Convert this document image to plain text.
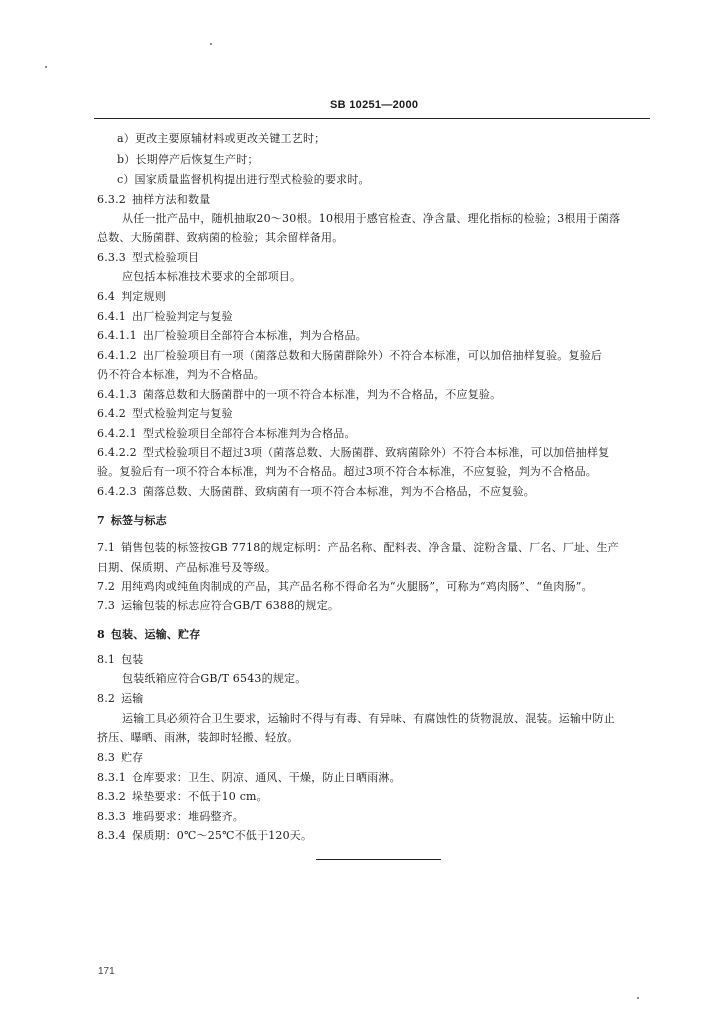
SB 10251—2000
a）更改主要原辅材料或更改关键工艺时；
b）长期停产后恢复生产时；
c）国家质量监督机构提出进行型式检验的要求时。
6.3.2 抽样方法和数量
从任一批产品中，随机抽取20～30根。10根用于感官检查、净含量、理化指标的检验；3根用于菌落
总数、大肠菌群、致病菌的检验；其余留样备用。
6.3.3 型式检验项目
应包括本标准技术要求的全部项目。
6.4 判定规则
6.4.1 出厂检验判定与复验
6.4.1.1 出厂检验项目全部符合本标准，判为合格品。
6.4.1.2 出厂检验项目有一项（菌落总数和大肠菌群除外）不符合本标准，可以加倍抽样复验。复验后
仍不符合本标准，判为不合格品。
6.4.1.3 菌落总数和大肠菌群中的一项不符合本标准，判为不合格品，不应复验。
6.4.2 型式检验判定与复验
6.4.2.1 型式检验项目全部符合本标准判为合格品。
6.4.2.2 型式检验项目不超过3项（菌落总数、大肠菌群、致病菌除外）不符合本标准，可以加倍抽样复
验。复验后有一项不符合本标准，判为不合格品。超过3项不符合本标准，不应复验，判为不合格品。
6.4.2.3 菌落总数、大肠菌群、致病菌有一项不符合本标准，判为不合格品，不应复验。
7 标签与标志
7.1 销售包装的标签按GB 7718的规定标明：产品名称、配料表、净含量、淀粉含量、厂名、厂址、生产
日期、保质期、产品标准号及等级。
7.2 用纯鸡肉或纯鱼肉制成的产品，其产品名称不得命名为“火腿肠”，可称为“鸡肉肠”、“鱼肉肠”。
7.3 运输包装的标志应符合GB/T 6388的规定。
8 包装、运输、贮存
8.1 包装
包装纸箱应符合GB/T 6543的规定。
8.2 运输
运输工具必须符合卫生要求，运输时不得与有毒、有异味、有腐蚀性的货物混放、混装。运输中防止
挤压、曝晒、雨淋，装卸时轻搬、轻放。
8.3 贮存
8.3.1 仓库要求：卫生、阴凉、通风、干燥，防止日晒雨淋。
8.3.2 垛垫要求：不低于10 cm。
8.3.3 堆码要求：堆码整齐。
8.3.4 保质期：0℃～25℃不低于120天。
171
